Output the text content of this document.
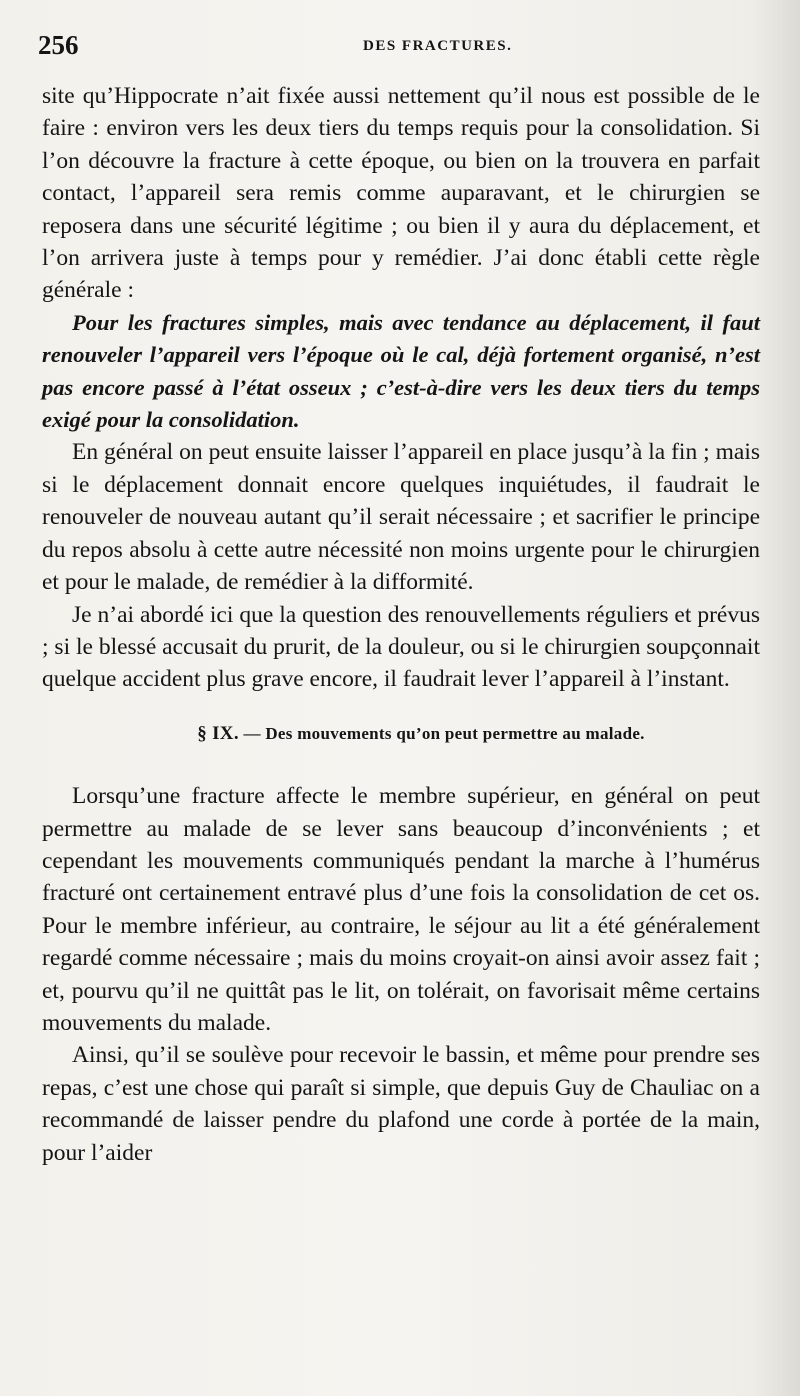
256	DES FRACTURES.

site qu’Hippocrate n’ait fixée aussi nettement qu’il nous est possible de le faire : environ vers les deux tiers du temps requis pour la consolidation. Si l’on découvre la fracture à cette époque, ou bien on la trouvera en parfait contact, l’appareil sera remis comme auparavant, et le chirurgien se reposera dans une sécurité légitime ; ou bien il y aura du déplacement, et l’on arrivera juste à temps pour y remédier. J’ai donc établi cette règle générale :

Pour les fractures simples, mais avec tendance au déplacement, il faut renouveler l’appareil vers l’époque où le cal, déjà fortement organisé, n’est pas encore passé à l’état osseux ; c’est-à-dire vers les deux tiers du temps exigé pour la consolidation.

En général on peut ensuite laisser l’appareil en place jusqu’à la fin ; mais si le déplacement donnait encore quelques inquiétudes, il faudrait le renouveler de nouveau autant qu’il serait nécessaire ; et sacrifier le principe du repos absolu à cette autre nécessité non moins urgente pour le chirurgien et pour le malade, de remédier à la difformité.

Je n’ai abordé ici que la question des renouvellements réguliers et prévus ; si le blessé accusait du prurit, de la douleur, ou si le chirurgien soupçonnait quelque accident plus grave encore, il faudrait lever l’appareil à l’instant.

§ IX. — Des mouvements qu’on peut permettre au malade.

Lorsqu’une fracture affecte le membre supérieur, en général on peut permettre au malade de se lever sans beaucoup d’inconvénients ; et cependant les mouvements communiqués pendant la marche à l’humérus fracturé ont certainement entravé plus d’une fois la consolidation de cet os. Pour le membre inférieur, au contraire, le séjour au lit a été généralement regardé comme nécessaire ; mais du moins croyait-on ainsi avoir assez fait ; et, pourvu qu’il ne quittât pas le lit, on tolérait, on favorisait même certains mouvements du malade.

Ainsi, qu’il se soulève pour recevoir le bassin, et même pour prendre ses repas, c’est une chose qui paraît si simple, que depuis Guy de Chauliac on a recommandé de laisser pendre du plafond une corde à portée de la main, pour l’aider
